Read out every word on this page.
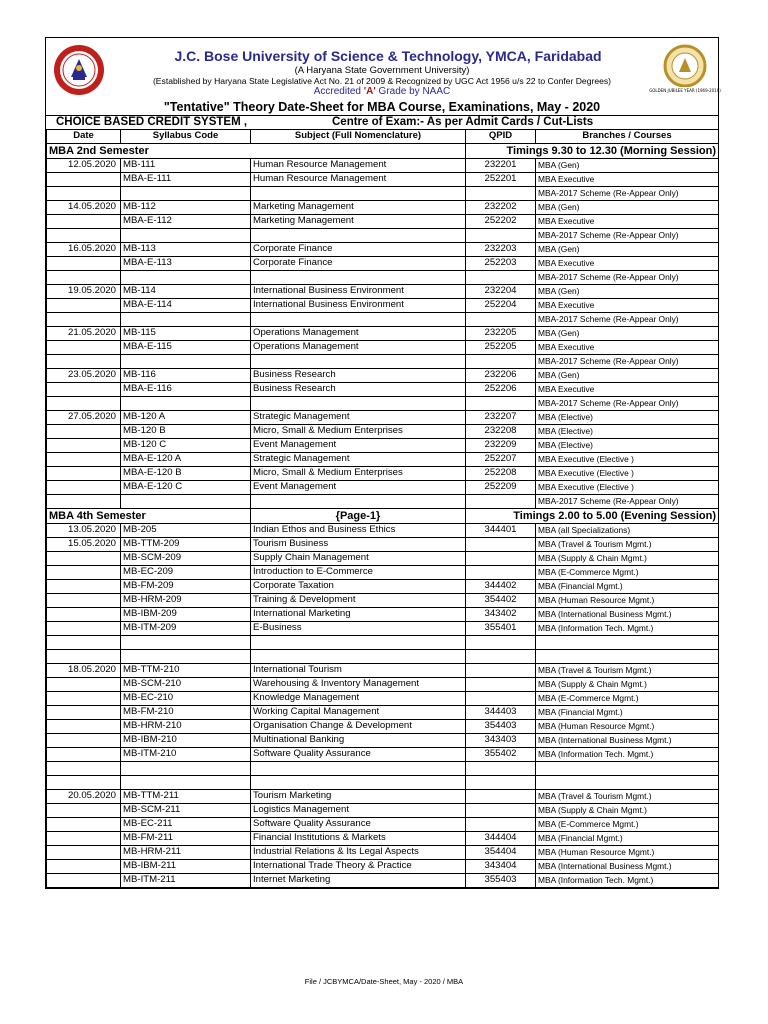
J.C. Bose University of Science & Technology, YMCA, Faridabad
(A Haryana State Government University)
(Established by Haryana State Legislative Act No. 21 of 2009 & Recognized by UGC Act 1956 u/s 22 to Confer Degrees)
Accredited 'A' Grade by NAAC	GOLDEN JUBILEE YEAR (1969-2019)
"Tentative" Theory Date-Sheet for MBA Course, Examinations, May - 2020
CHOICE BASED CREDIT SYSTEM ,	Centre of Exam:- As per Admit Cards / Cut-Lists
Date	Syllabus Code	Subject (Full Nomenclature)	QPID	Branches / Courses
MBA 2nd Semester			Timings 9.30 to 12.30 (Morning Session)	
12.05.2020	MB-111	Human Resource Management	232201	MBA (Gen)
	MBA-E-111	Human Resource Management	252201	MBA Executive
				MBA-2017 Scheme (Re-Appear Only)
14.05.2020	MB-112	Marketing Management	232202	MBA (Gen)
	MBA-E-112	Marketing Management	252202	MBA Executive
				MBA-2017 Scheme (Re-Appear Only)
16.05.2020	MB-113	Corporate Finance	232203	MBA (Gen)
	MBA-E-113	Corporate Finance	252203	MBA Executive
				MBA-2017 Scheme (Re-Appear Only)
19.05.2020	MB-114	International Business Environment	232204	MBA (Gen)
	MBA-E-114	International Business Environment	252204	MBA Executive
				MBA-2017 Scheme (Re-Appear Only)
21.05.2020	MB-115	Operations Management	232205	MBA (Gen)
	MBA-E-115	Operations Management	252205	MBA Executive
				MBA-2017 Scheme (Re-Appear Only)
23.05.2020	MB-116	Business Research	232206	MBA (Gen)
	MBA-E-116	Business Research	252206	MBA Executive
				MBA-2017 Scheme (Re-Appear Only)
27.05.2020	MB-120 A	Strategic Management	232207	MBA (Elective)
	MB-120 B	Micro, Small & Medium Enterprises	232208	MBA (Elective)
	MB-120 C	Event Management	232209	MBA (Elective)
	MBA-E-120 A	Strategic Management	252207	MBA Executive (Elective )
	MBA-E-120 B	Micro, Small & Medium Enterprises	252208	MBA Executive (Elective )
	MBA-E-120 C	Event Management	252209	MBA Executive (Elective )
				MBA-2017 Scheme (Re-Appear Only)
MBA 4th Semester		{Page-1}	Timings 2.00 to 5.00 (Evening Session)	
13.05.2020	MB-205	Indian Ethos and Business Ethics	344401	MBA (all Specializations)
15.05.2020	MB-TTM-209	Tourism Business		MBA (Travel & Tourism Mgmt.)
	MB-SCM-209	Supply Chain Management		MBA (Supply & Chain Mgmt.)
	MB-EC-209	Introduction to E-Commerce		MBA (E-Commerce Mgmt.)
	MB-FM-209	Corporate Taxation	344402	MBA (Financial Mgmt.)
	MB-HRM-209	Training & Development	354402	MBA (Human Resource Mgmt.)
	MB-IBM-209	International Marketing	343402	MBA (International Business Mgmt.)
	MB-ITM-209	E-Business	355401	MBA (Information Tech. Mgmt.)

18.05.2020	MB-TTM-210	International Tourism		MBA (Travel & Tourism Mgmt.)
	MB-SCM-210	Warehousing & Inventory Management		MBA (Supply & Chain Mgmt.)
	MB-EC-210	Knowledge Management		MBA (E-Commerce Mgmt.)
	MB-FM-210	Working Capital Management	344403	MBA (Financial Mgmt.)
	MB-HRM-210	Organisation Change & Development	354403	MBA (Human Resource Mgmt.)
	MB-IBM-210	Multinational Banking	343403	MBA (International Business Mgmt.)
	MB-ITM-210	Software Quality Assurance	355402	MBA (Information Tech. Mgmt.)

20.05.2020	MB-TTM-211	Tourism Marketing		MBA (Travel & Tourism Mgmt.)
	MB-SCM-211	Logistics Management		MBA (Supply & Chain Mgmt.)
	MB-EC-211	Software Quality Assurance		MBA (E-Commerce Mgmt.)
	MB-FM-211	Financial Institutions & Markets	344404	MBA (Financial Mgmt.)
	MB-HRM-211	Industrial Relations & Its Legal Aspects	354404	MBA (Human Resource Mgmt.)
	MB-IBM-211	International Trade Theory & Practice	343404	MBA (International Business Mgmt.)
	MB-ITM-211	Internet Marketing	355403	MBA (Information Tech. Mgmt.)
File / JCBYMCA/Date-Sheet, May - 2020 / MBA
